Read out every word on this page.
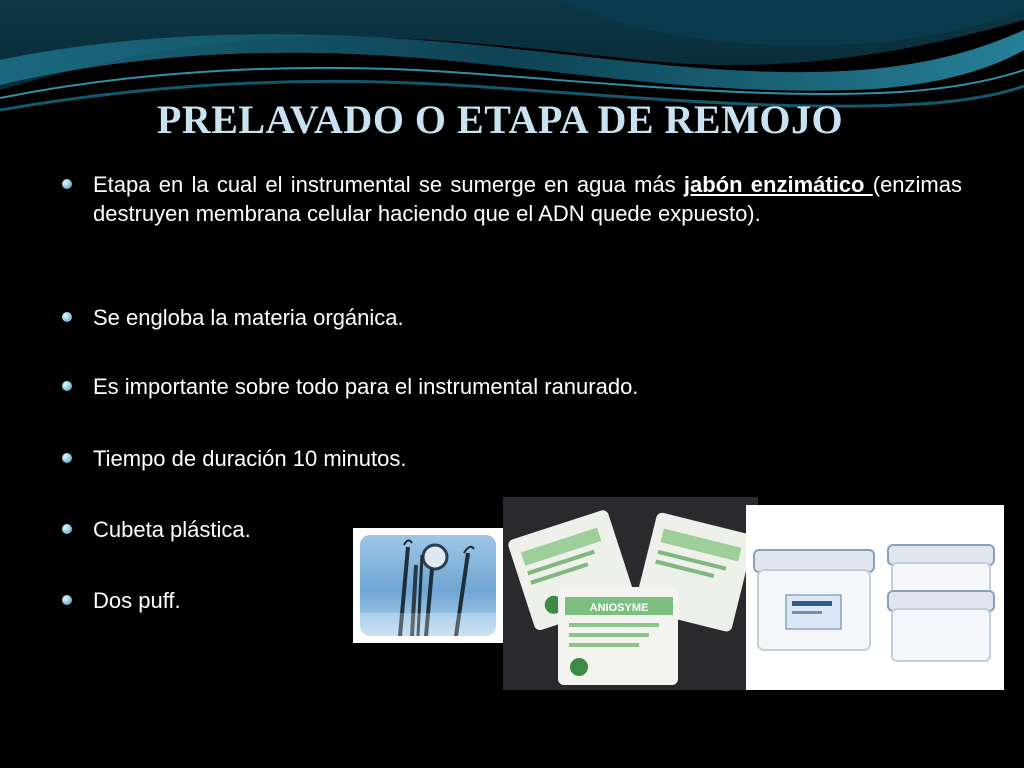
PRELAVADO O ETAPA DE REMOJO
Etapa en la cual el instrumental se sumerge en agua más jabón enzimático (enzimas destruyen membrana celular haciendo que el ADN quede expuesto).
Se engloba la materia orgánica.
Es importante sobre todo para el instrumental ranurado.
Tiempo de duración 10 minutos.
Cubeta plástica.
Dos puff.	ANIOSYME
